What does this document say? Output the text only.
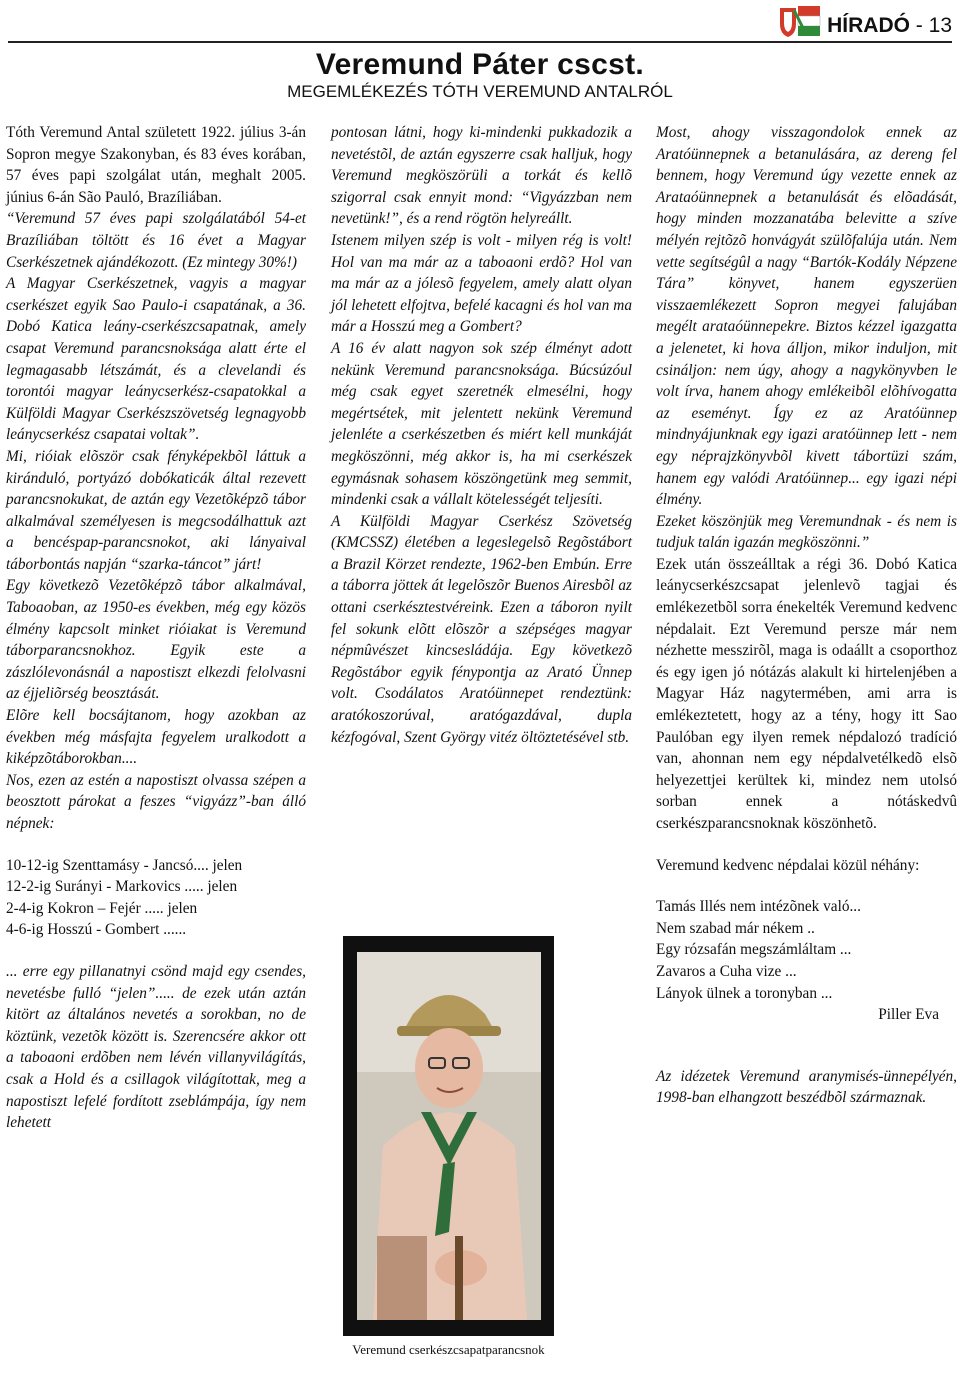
HÍRADÓ - 13
Veremund Páter cscst.
MEGEMLÉKEZÉS TÓTH VEREMUND ANTALRÓL

Tóth Veremund Antal született 1922. július 3-án Sopron megye Szakonyban, és 83 éves korában, 57 éves papi szolgálat után, meghalt 2005. június 6-án São Pauló, Brazíliában.

“Veremund 57 éves papi szolgálatából 54-et Brazíliában töltött és 16 évet a Magyar Cserkészetnek ajándékozott. (Ez mintegy 30%!)

A Magyar Cserkészetnek, vagyis a magyar cserkészet egyik Sao Paulo-i csapatának, a 36. Dobó Katica leány-cserkészcsapatnak, amely csapat Veremund parancsnoksága alatt érte el legmagasabb létszámát, és a clevelandi és torontói magyar leánycserkész-csapatokkal a Külföldi Magyar Cserkészszövetség legnagyobb leánycserkész csapatai voltak”.

Mi, rióiak elõször csak fényképekbõl láttuk a kiránduló, portyázó dobókaticák által rezevett parancsnokukat, de aztán egy Vezetõképzõ tábor alkalmával személyesen is megcsodálhattuk azt a bencéspap-parancsnokot, aki lányaival táborbontás napján “szarka-táncot” járt!

Egy következõ Vezetõképzõ tábor alkalmával, Taboaoban, az 1950-es években, még egy közös élmény kapcsolt minket rióiakat is Veremund táborparancsnokhoz. Egyik este a zászlólevonásnál a napostiszt elkezdi felolvasni az éjjeliõrség beosztását.

Elõre kell bocsájtanom, hogy azokban az években még másfajta fegyelem uralkodott a kiképzõtáborokban....

Nos, ezen az estén a napostiszt olvassa szépen a beosztott párokat a feszes “vigyázz”-ban álló népnek:

10-12-ig Szenttamásy - Jancsó.... jelen

12-2-ig Surányi - Markovics ..... jelen

2-4-ig Kokron – Fejér ..... jelen

4-6-ig Hosszú - Gombert ......

... erre egy pillanatnyi csönd majd egy csendes, nevetésbe fulló “jelen”..... de ezek után aztán kitört az általános nevetés a sorokban, no de köztünk, vezetõk között is. Szerencsére akkor ott a taboaoni erdõben nem lévén villanyvilágítás, csak a Hold és a csillagok világítottak, meg a napostiszt lefelé fordított zseblámpája, így nem lehetett

pontosan látni, hogy ki-mindenki pukkadozik a nevetéstõl, de aztán egyszerre csak halljuk, hogy Veremund megköszörüli a torkát és kellõ szigorral csak ennyit mond: “Vigyázzban nem nevetünk!”, és a rend rögtön helyreállt.

Istenem milyen szép is volt - milyen rég is volt! Hol van ma már az a taboaoni erdõ? Hol van ma már az a jólesõ fegyelem, amely alatt olyan jól lehetett elfojtva, befelé kacagni és hol van ma már a Hosszú meg a Gombert?

A 16 év alatt nagyon sok szép élményt adott nekünk Veremund parancsnoksága. Búcsúzóul még csak egyet szeretnék elmesélni, hogy megértsétek, mit jelentett nekünk Veremund jelenléte a cserkészetben és miért kell munkáját megköszönni, még akkor is, ha mi cserkészek egymásnak sohasem köszöngetünk meg semmit, mindenki csak a vállalt kötelességét teljesíti.

A Külföldi Magyar Cserkész Szövetség (KMCSSZ) életében a legeslegelsõ Regõstábort a Brazil Körzet rendezte, 1962-ben Embún. Erre a táborra jöttek át legelõszõr Buenos Airesbõl az ottani cserkésztestvéreink. Ezen a táboron nyilt fel sokunk elõtt elõszõr a szépséges magyar népmûvészet kincsesládája. Egy következõ Regõstábor egyik fénypontja az Arató Ünnep volt. Csodálatos Aratóünnepet rendeztünk: aratókoszorúval, aratógazdával, dupla kézfogóval, Szent György vitéz öltöztetésével stb.

Veremund cserkészcsapatparancsnok

Most, ahogy visszagondolok ennek az Aratóünnepnek a betanulására, az dereng fel bennem, hogy Veremund úgy vezette ennek az Arataóünnepnek a betanulását és elõadását, hogy minden mozzanatába belevitte a szíve mélyén rejtõzõ honvágyát szülõfalúja után. Nem vette segítségûl a nagy “Bartók-Kodály Népzene Tára” könyvet, hanem egyszerüen visszaemlékezett Sopron megyei falujában megélt arataóünnepekre. Biztos kézzel igazgatta a jelenetet, ki hova álljon, mikor induljon, mit csináljon: nem úgy, ahogy a nagykönyvben le volt írva, hanem ahogy emlékeibõl elõhívogatta az eseményt. Így ez az Aratóünnep mindnyájunknak egy igazi aratóünnep lett - nem egy néprajzkönyvbõl kivett tábortüzi szám, hanem egy valódi Aratóünnep... egy igazi népi élmény.

Ezeket köszönjük meg Veremundnak - és nem is tudjuk talán igazán megköszönni.”

Ezek után összeálltak a régi 36. Dobó Katica leánycserkészcsapat jelenlevõ tagjai és emlékezetbõl sorra énekelték Veremund kedvenc népdalait. Ezt Veremund persze már nem nézhette messzirõl, maga is odaállt a csoporthoz és egy igen jó nótázás alakult ki hirtelenjében a Magyar Ház nagytermében, ami arra is emlékeztetett, hogy az a tény, hogy itt Sao Paulóban egy ilyen remek népdalozó tradíció van, ahonnan nem egy népdalvetélkedõ elsõ helyezettjei kerültek ki, mindez nem utolsó sorban ennek a nótáskedvû cserkészparancsnoknak köszönhetõ.

Veremund kedvenc népdalai közül néhány:

Tamás Illés nem intézõnek való...

Nem szabad már nékem ..

Egy rózsafán megszámláltam ...

Zavaros a Cuha vize ...

Lányok ülnek a toronyban ...

Piller Eva

Az idézetek Veremund aranymisés-ünnepélyén, 1998-ban elhangzott beszédbõl származnak.
